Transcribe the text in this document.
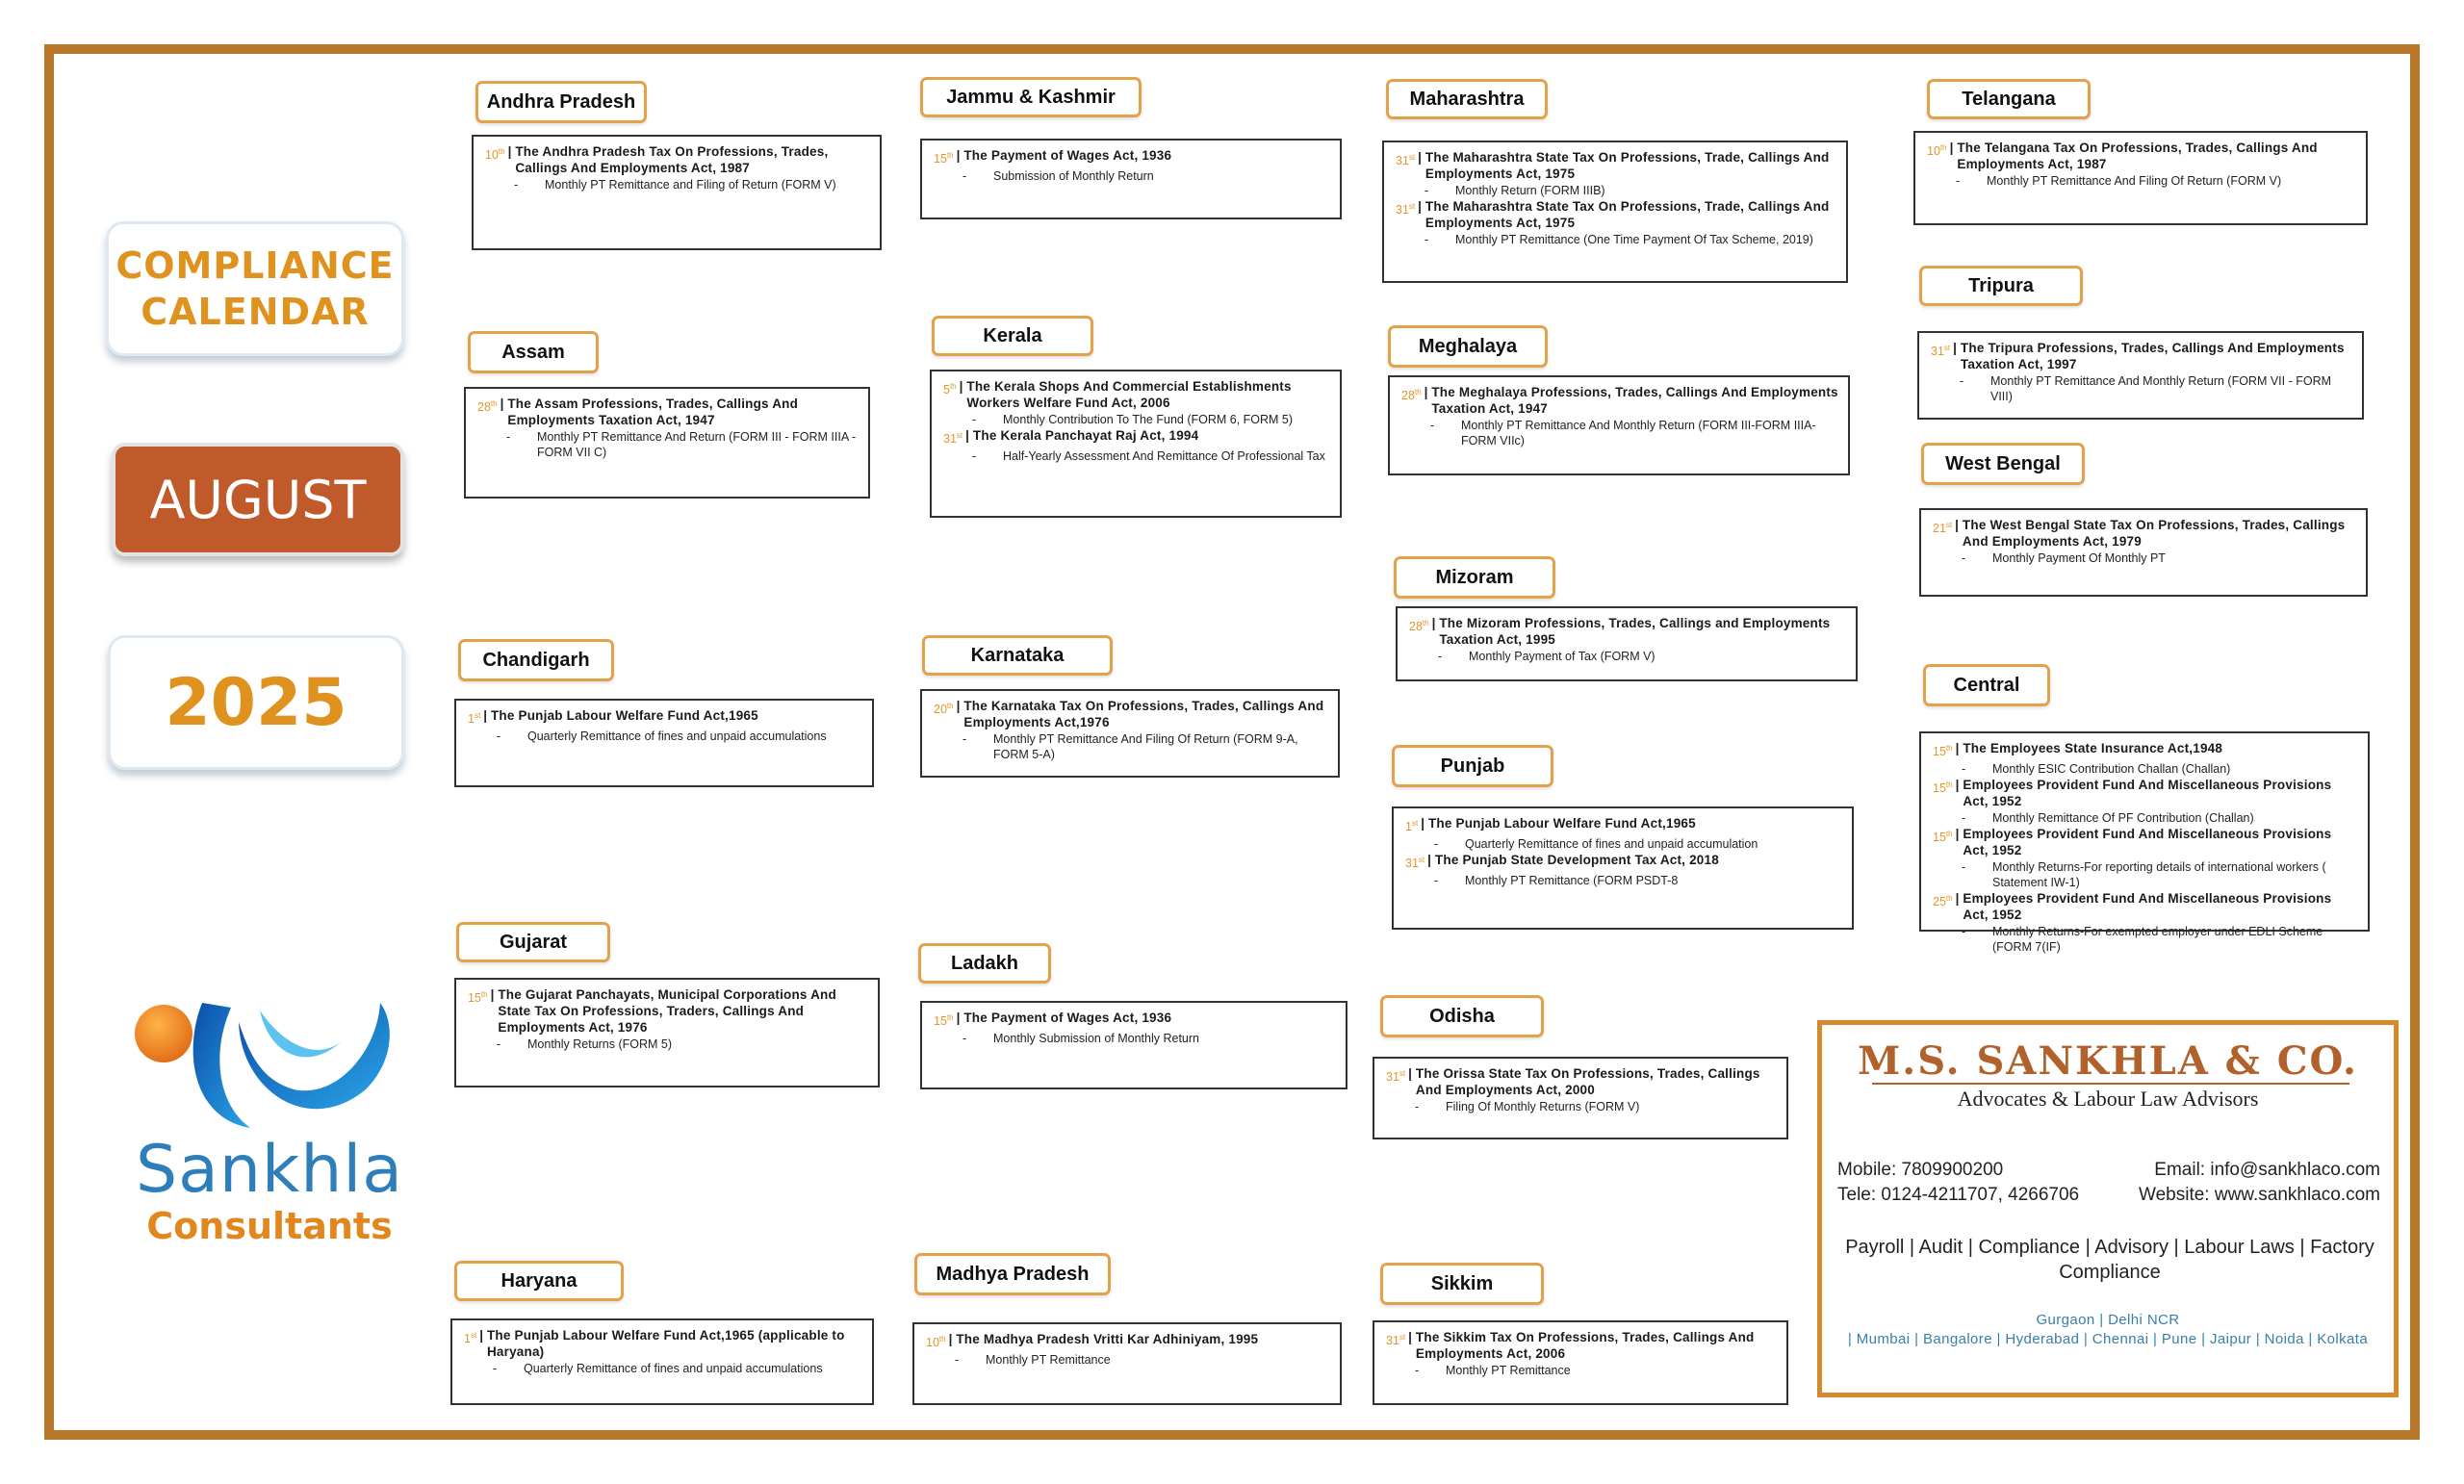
COMPLIANCE
CALENDAR
AUGUST
2025
Sankhla
Consultants
Andhra Pradesh
10th | The Andhra Pradesh Tax On Professions, Trades, Callings And Employments Act, 1987
-	Monthly PT Remittance and Filing of Return (FORM V)
Assam
28th | The Assam Professions, Trades, Callings And Employments Taxation Act, 1947
-	Monthly PT Remittance And Return (FORM III - FORM IIIA - FORM VII C)
Chandigarh
1st | The Punjab Labour Welfare Fund Act,1965
-	Quarterly Remittance of fines and unpaid accumulations
Gujarat
15th | The Gujarat Panchayats, Municipal Corporations And State Tax On Professions, Traders, Callings And Employments Act, 1976
-	Monthly Returns (FORM 5)
Haryana
1st | The Punjab Labour Welfare Fund Act,1965 (applicable to Haryana)
-	Quarterly Remittance of fines and unpaid accumulations
Jammu & Kashmir
15th | The Payment of Wages Act, 1936
-	Submission of Monthly Return
Kerala
5th | The Kerala Shops And Commercial Establishments Workers Welfare Fund Act, 2006
-	Monthly Contribution To The Fund (FORM 6, FORM 5)
31st | The Kerala Panchayat Raj Act, 1994
-	Half-Yearly Assessment And Remittance Of Professional Tax
Karnataka
20th | The Karnataka Tax On Professions, Trades, Callings And Employments Act,1976
-	Monthly PT Remittance And Filing Of Return (FORM 9-A, FORM 5-A)
Ladakh
15th | The Payment of Wages Act, 1936
-	Monthly Submission of Monthly Return
Madhya Pradesh
10th | The Madhya Pradesh Vritti Kar Adhiniyam, 1995
-	Monthly PT Remittance
Maharashtra
31st | The Maharashtra State Tax On Professions, Trade, Callings And Employments Act, 1975
-	Monthly Return (FORM IIIB)
31st | The Maharashtra State Tax On Professions, Trade, Callings And Employments Act, 1975
-	Monthly PT Remittance (One Time Payment Of Tax Scheme, 2019)
Meghalaya
28th | The Meghalaya Professions, Trades, Callings And Employments Taxation Act, 1947
-	Monthly PT Remittance And Monthly Return (FORM III-FORM IIIA-FORM VIIc)
Mizoram
28th | The Mizoram Professions, Trades, Callings and Employments Taxation Act, 1995
-	Monthly Payment of Tax (FORM V)
Punjab
1st | The Punjab Labour Welfare Fund Act,1965
-	Quarterly Remittance of fines and unpaid accumulation
31st | The Punjab State Development Tax Act, 2018
-	Monthly PT Remittance (FORM PSDT-8
Odisha
31st | The Orissa State Tax On Professions, Trades, Callings And Employments Act, 2000
-	Filing Of Monthly Returns (FORM V)
Sikkim
31st | The Sikkim Tax On Professions, Trades, Callings And Employments Act, 2006
-	Monthly PT Remittance
Telangana
10th | The Telangana Tax On Professions, Trades, Callings And Employments Act, 1987
-	Monthly PT Remittance And Filing Of Return (FORM V)
Tripura
31st | The Tripura Professions, Trades, Callings And Employments Taxation Act, 1997
-	Monthly PT Remittance And Monthly Return (FORM VII - FORM VIII)
West Bengal
21st | The West Bengal State Tax On Professions, Trades, Callings And Employments Act, 1979
-	Monthly Payment Of Monthly PT
Central
15th | The Employees State Insurance Act,1948
-	Monthly ESIC Contribution Challan (Challan)
15th | Employees Provident Fund And Miscellaneous Provisions Act, 1952
-	Monthly Remittance Of PF Contribution (Challan)
15th | Employees Provident Fund And Miscellaneous Provisions Act, 1952
-	Monthly Returns-For reporting details of international workers ( Statement IW-1)
25th | Employees Provident Fund And Miscellaneous Provisions Act, 1952
-	Monthly Returns-For exempted employer under EDLI Scheme (FORM 7(IF)
M.S. SANKHLA & CO.
Advocates & Labour Law Advisors
Mobile: 7809900200
Tele: 0124-4211707, 4266706
Email: info@sankhlaco.com
Website: www.sankhlaco.com
Payroll | Audit | Compliance | Advisory | Labour Laws | Factory Compliance
Gurgaon | Delhi NCR
| Mumbai | Bangalore | Hyderabad | Chennai | Pune | Jaipur | Noida | Kolkata
